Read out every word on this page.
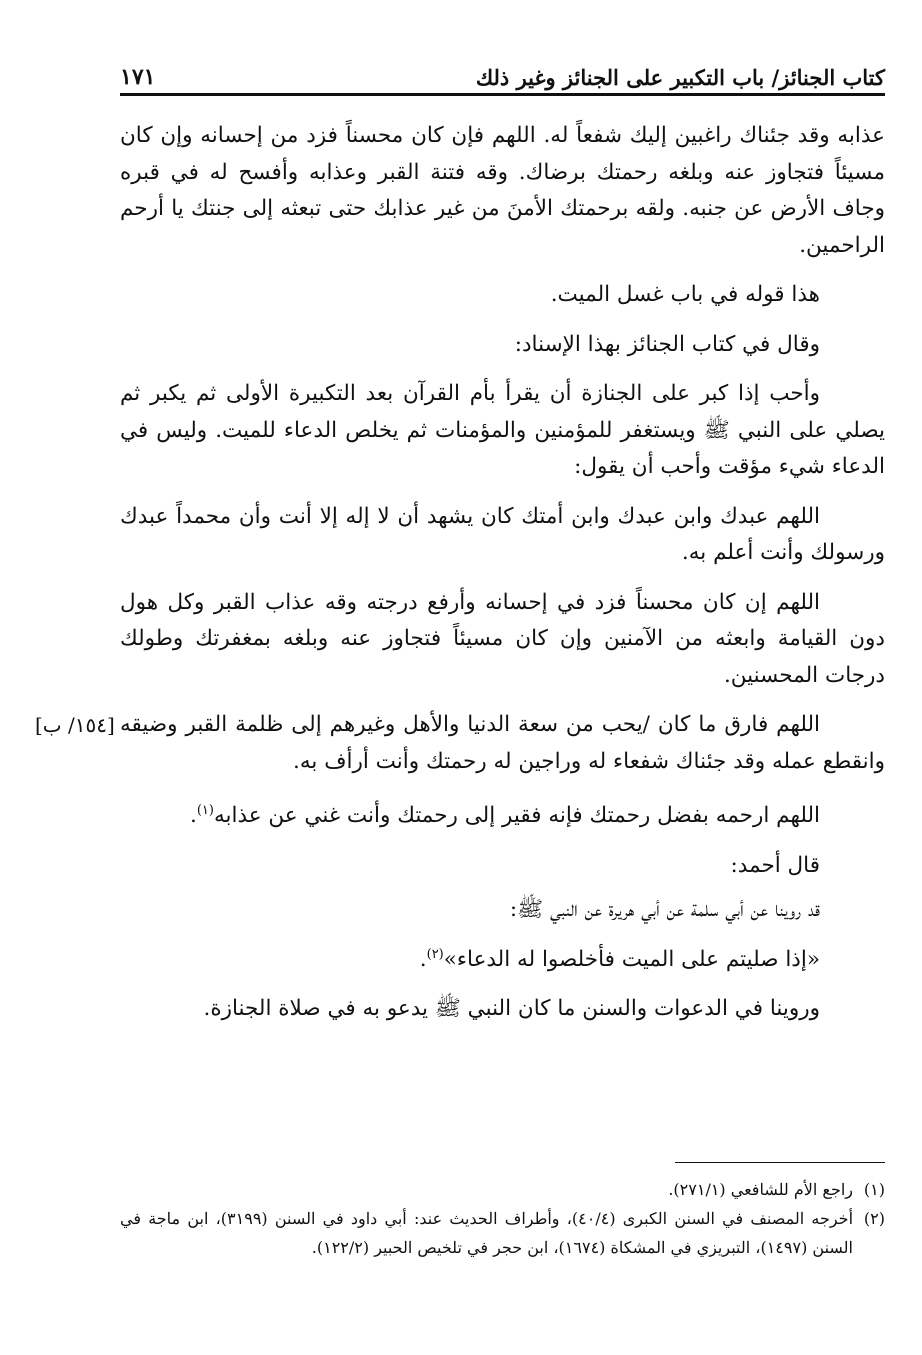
كتاب الجنائز/ باب التكبير على الجنائز وغير ذلك
١٧١

عذابه وقد جئناك راغبين إليك شفعاً له. اللهم فإن كان محسناً فزد من إحسانه وإن كان مسيئاً فتجاوز عنه وبلغه رحمتك برضاك. وقه فتنة القبر وعذابه وأفسح له في قبره وجاف الأرض عن جنبه. ولقه برحمتك الأمنَ من غير عذابك حتى تبعثه إلى جنتك يا أرحم الراحمين.

هذا قوله في باب غسل الميت.

وقال في كتاب الجنائز بهذا الإسناد:

وأحب إذا كبر على الجنازة أن يقرأ بأم القرآن بعد التكبيرة الأولى ثم يكبر ثم يصلي على النبي ﷺ ويستغفر للمؤمنين والمؤمنات ثم يخلص الدعاء للميت. وليس في الدعاء شيء مؤقت وأحب أن يقول:

اللهم عبدك وابن عبدك وابن أمتك كان يشهد أن لا إله إلا أنت وأن محمداً عبدك ورسولك وأنت أعلم به.

اللهم إن كان محسناً فزد في إحسانه وأرفع درجته وقه عذاب القبر وكل هول دون القيامة وابعثه من الآمنين وإن كان مسيئاً فتجاوز عنه وبلغه بمغفرتك وطولك درجات المحسنين.

اللهم فارق ما كان /يحب من سعة الدنيا والأهل وغيرهم إلى ظلمة القبر وضيقه وانقطع عمله وقد جئناك شفعاء له وراجين له رحمتك وأنت أرأف به.
[١٥٤/ ب]

اللهم ارحمه بفضل رحمتك فإنه فقير إلى رحمتك وأنت غني عن عذابه$^{(١)}$.

قال أحمد:

قد روينا عن أبي سلمة عن أبي هريرة عن النبي ﷺ:

«إذا صليتم على الميت فأخلصوا له الدعاء»$^{(٢)}$.

وروينا في الدعوات والسنن ما كان النبي ﷺ يدعو به في صلاة الجنازة.

(١)
راجع الأم للشافعي (٢٧١/١).
(٢)
أخرجه المصنف في السنن الكبرى (٤٠/٤)، وأطراف الحديث عند: أبي داود في السنن (٣١٩٩)، ابن ماجة في السنن (١٤٩٧)، التبريزي في المشكاة (١٦٧٤)، ابن حجر في تلخيص الحبير (١٢٢/٢).
